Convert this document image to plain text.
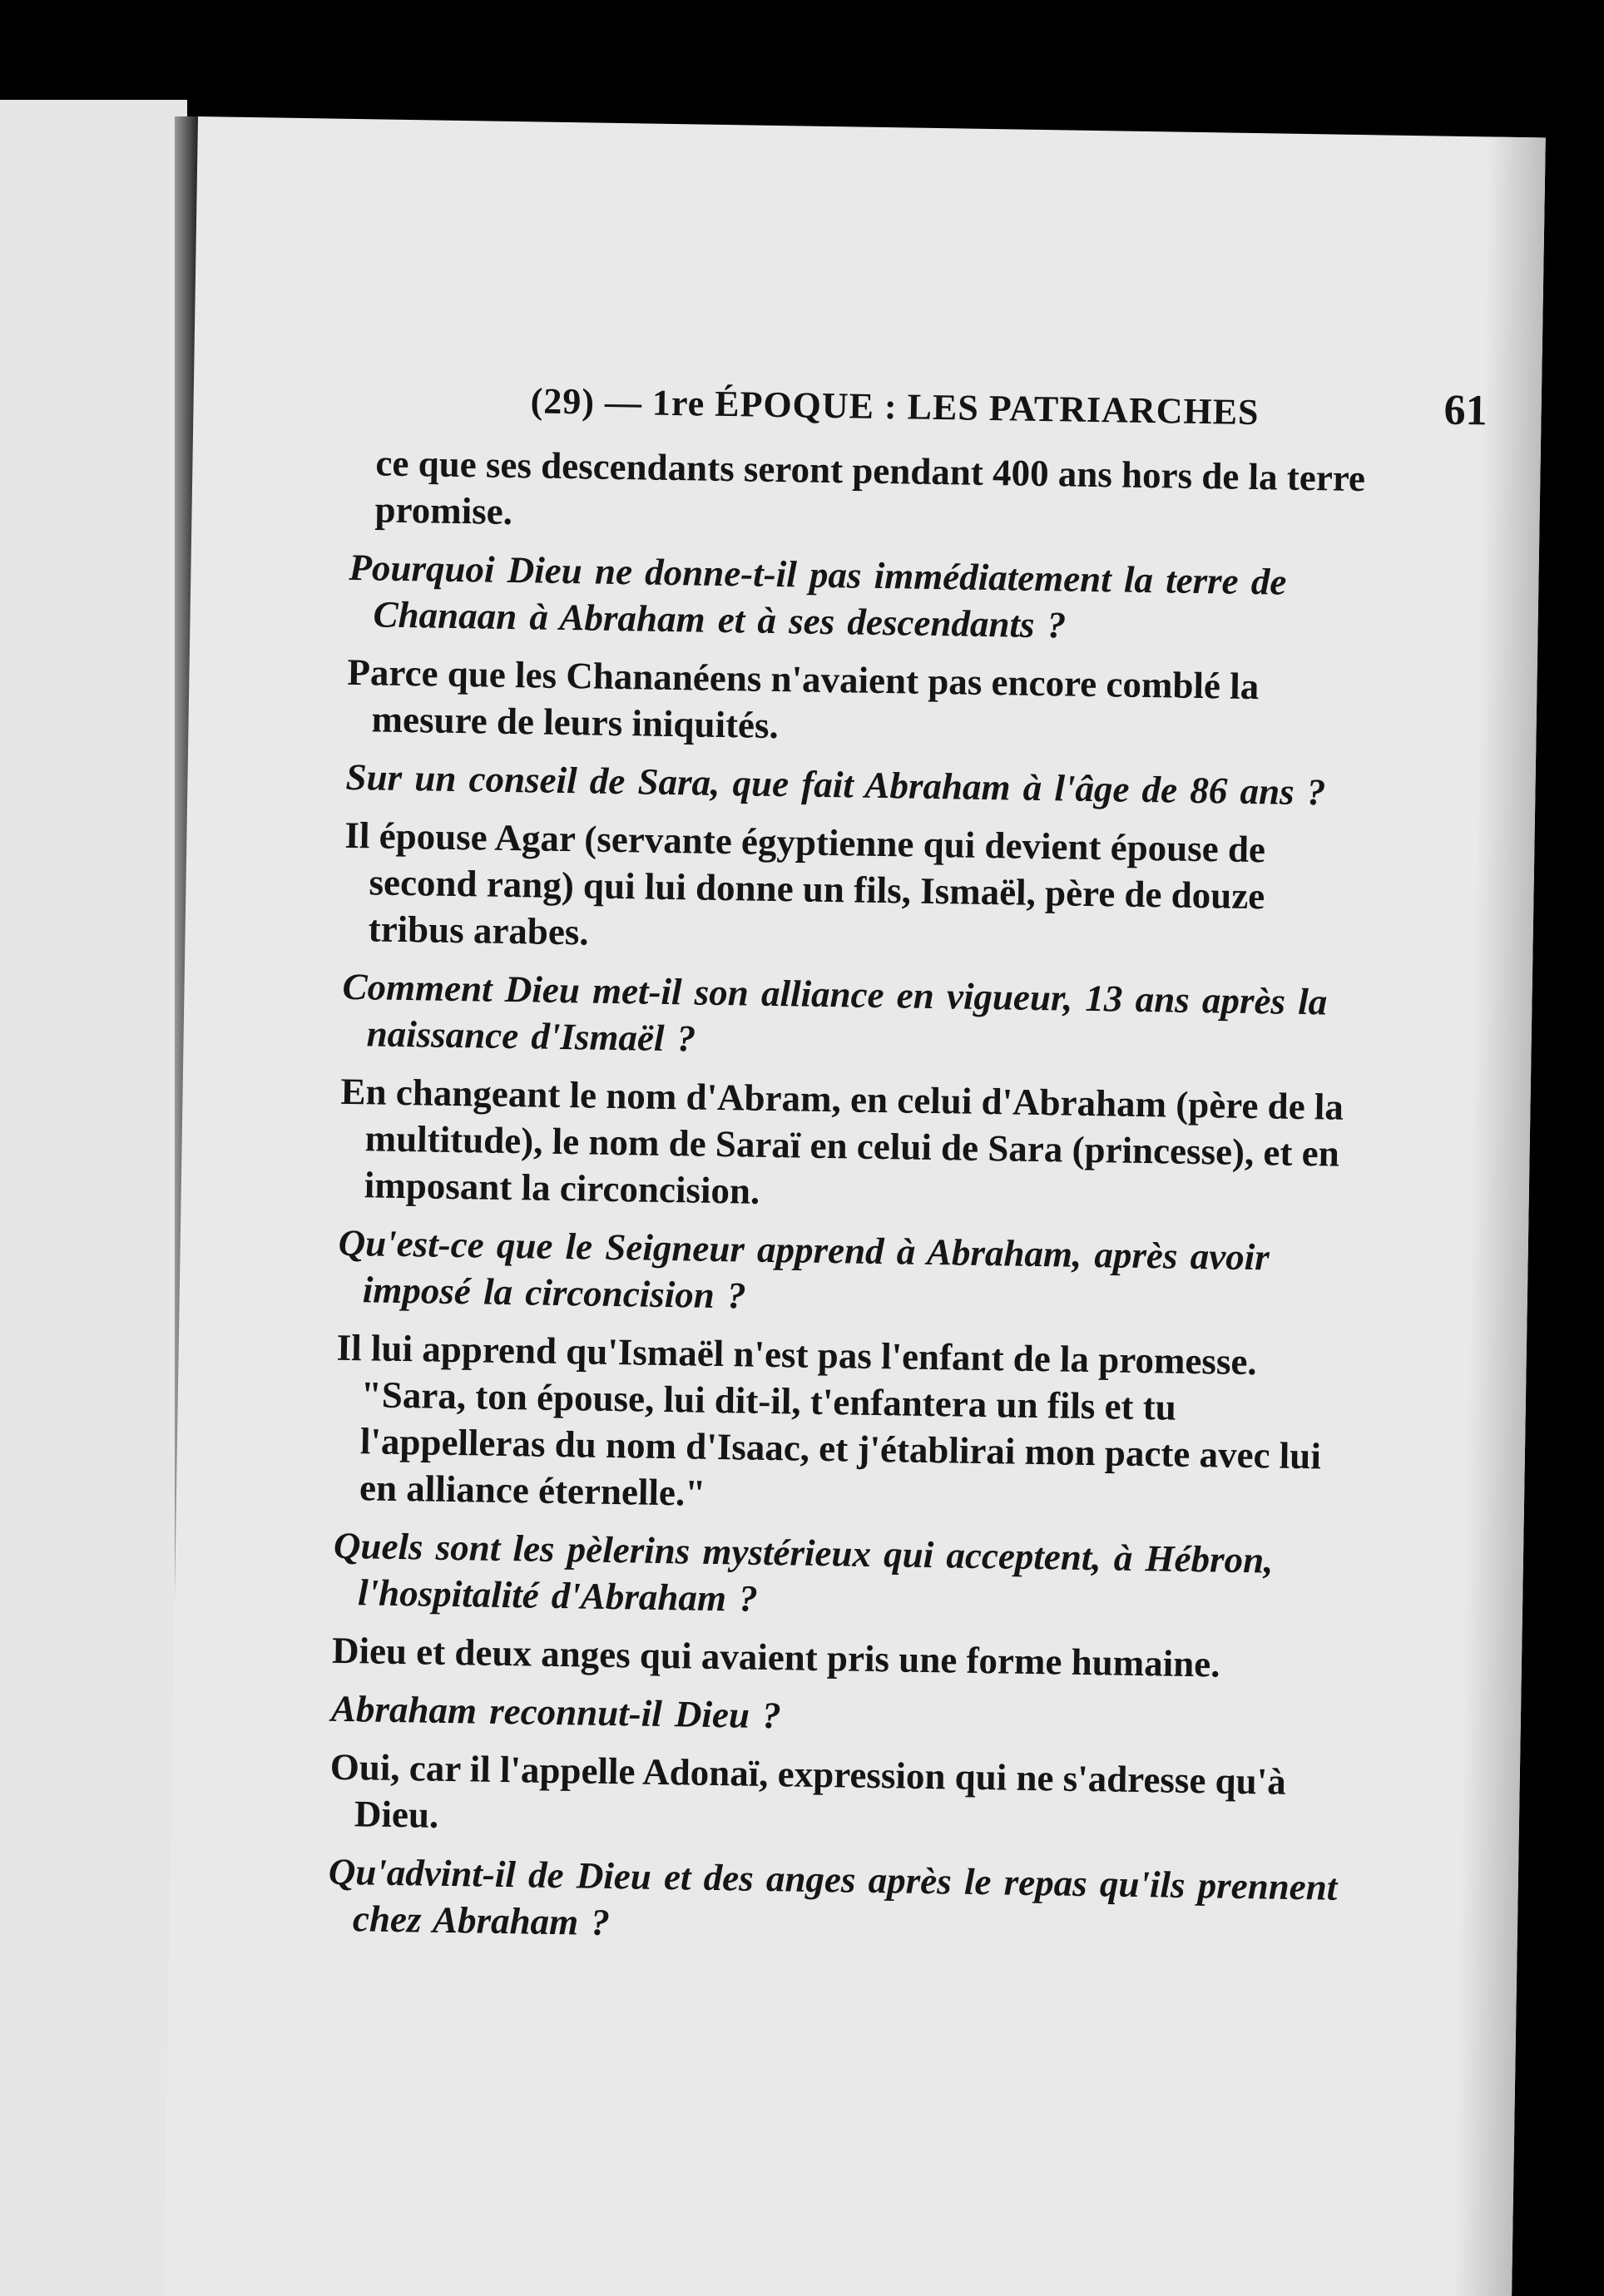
(29) — 1re ÉPOQUE : LES PATRIARCHES	61

ce que ses descendants seront pendant 400 ans hors de la terre promise.

Pourquoi Dieu ne donne-t-il pas immédiatement la terre de Chanaan à Abraham et à ses descendants ?

Parce que les Chananéens n'avaient pas encore comblé la mesure de leurs iniquités.

Sur un conseil de Sara, que fait Abraham à l'âge de 86 ans ?

Il épouse Agar (servante égyptienne qui devient épouse de second rang) qui lui donne un fils, Ismaël, père de douze tribus arabes.

Comment Dieu met-il son alliance en vigueur, 13 ans après la naissance d'Ismaël ?

En changeant le nom d'Abram, en celui d'Abraham (père de la multitude), le nom de Saraï en celui de Sara (princesse), et en imposant la circoncision.

Qu'est-ce que le Seigneur apprend à Abraham, après avoir imposé la circoncision ?

Il lui apprend qu'Ismaël n'est pas l'enfant de la promesse. "Sara, ton épouse, lui dit-il, t'enfantera un fils et tu l'appelleras du nom d'Isaac, et j'établirai mon pacte avec lui en alliance éternelle."

Quels sont les pèlerins mystérieux qui acceptent, à Hébron, l'hospitalité d'Abraham ?

Dieu et deux anges qui avaient pris une forme humaine.

Abraham reconnut-il Dieu ?

Oui, car il l'appelle Adonaï, expression qui ne s'adresse qu'à Dieu.

Qu'advint-il de Dieu et des anges après le repas qu'ils prennent chez Abraham ?
